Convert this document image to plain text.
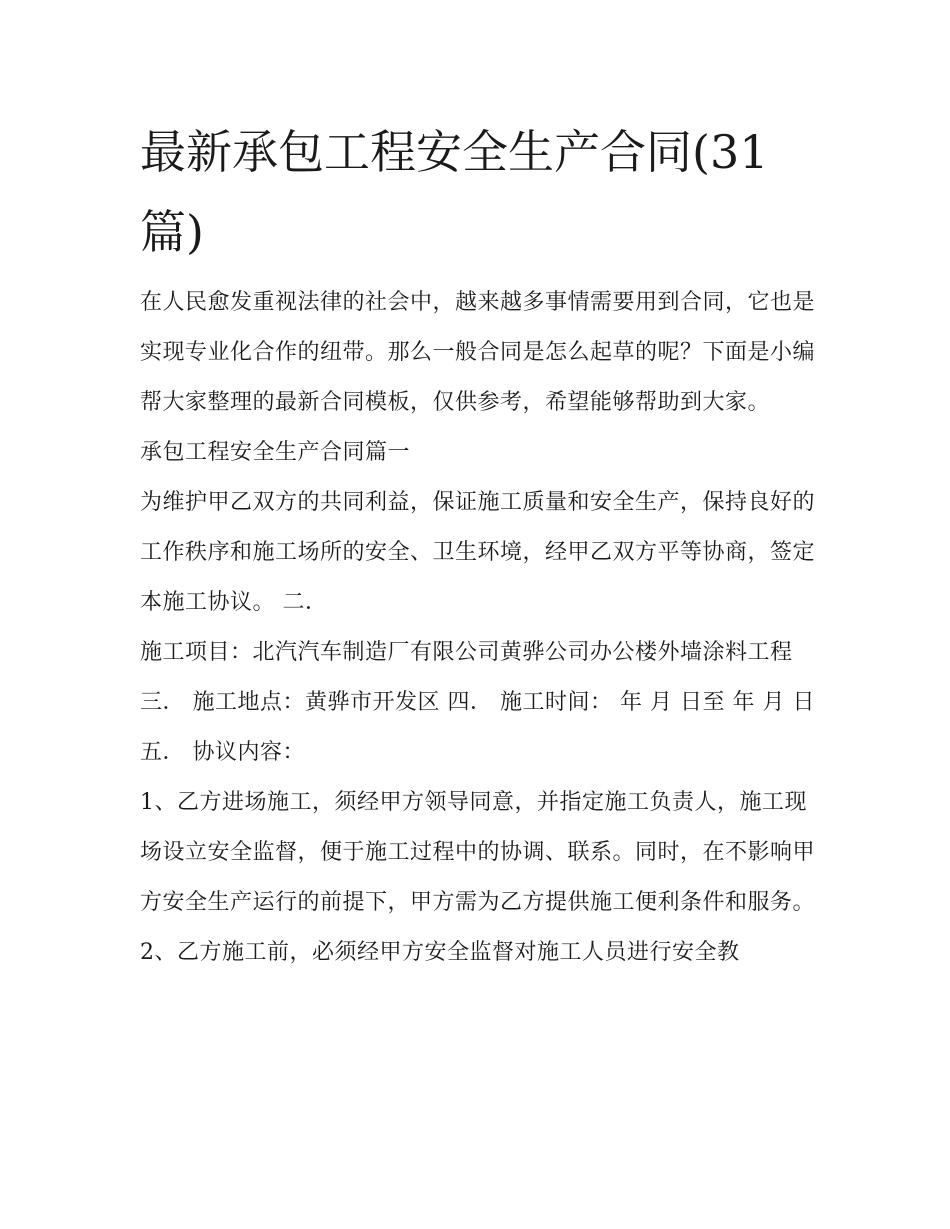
最新承包工程安全生产合同(31篇)

在人民愈发重视法律的社会中，越来越多事情需要用到合同，它也是实现专业化合作的纽带。那么一般合同是怎么起草的呢？下面是小编帮大家整理的最新合同模板，仅供参考，希望能够帮助到大家。

承包工程安全生产合同篇一

为维护甲乙双方的共同利益，保证施工质量和安全生产，保持良好的工作秩序和施工场所的安全、卫生环境，经甲乙双方平等协商，签定本施工协议。 二．

施工项目：北汽汽车制造厂有限公司黄骅公司办公楼外墙涂料工程 三． 施工地点：黄骅市开发区 四． 施工时间： 年 月 日至 年 月 日 五． 协议内容：

1、乙方进场施工，须经甲方领导同意，并指定施工负责人，施工现场设立安全监督，便于施工过程中的协调、联系。同时，在不影响甲方安全生产运行的前提下，甲方需为乙方提供施工便利条件和服务。

2、乙方施工前，必须经甲方安全监督对施工人员进行安全教
